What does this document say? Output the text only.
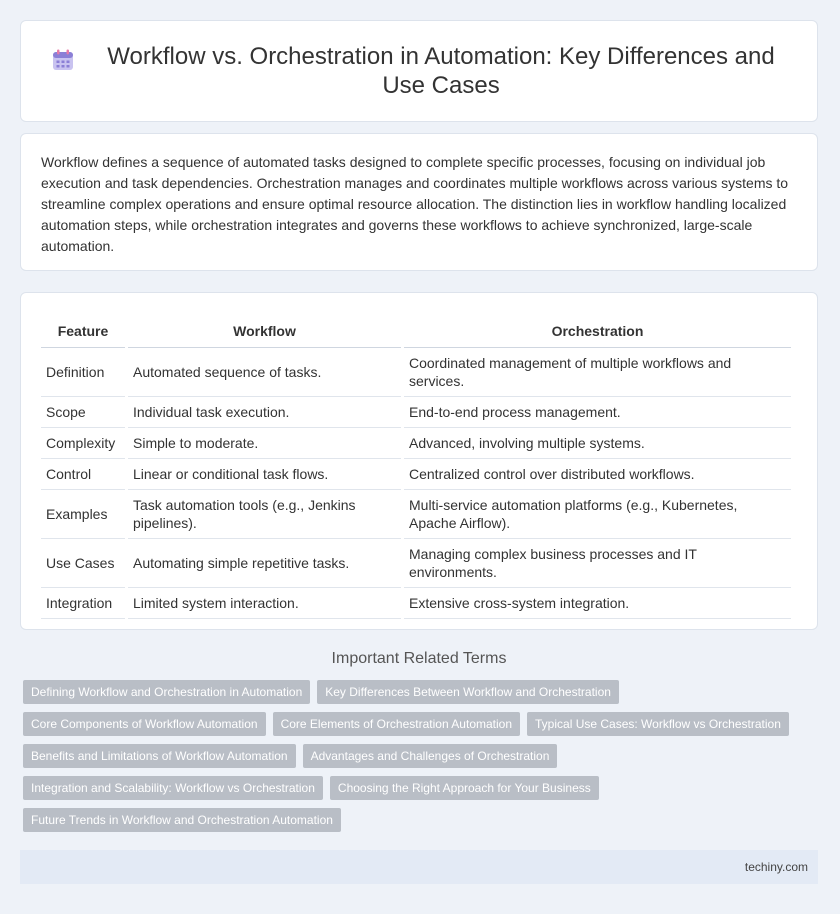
Workflow vs. Orchestration in Automation: Key Differences and Use Cases

Workflow defines a sequence of automated tasks designed to complete specific processes, focusing on individual job execution and task dependencies. Orchestration manages and coordinates multiple workflows across various systems to streamline complex operations and ensure optimal resource allocation. The distinction lies in workflow handling localized automation steps, while orchestration integrates and governs these workflows to achieve synchronized, large-scale automation.

Feature	Workflow	Orchestration
Definition	Automated sequence of tasks.	Coordinated management of multiple workflows and services.
Scope	Individual task execution.	End-to-end process management.
Complexity	Simple to moderate.	Advanced, involving multiple systems.
Control	Linear or conditional task flows.	Centralized control over distributed workflows.
Examples	Task automation tools (e.g., Jenkins pipelines).	Multi-service automation platforms (e.g., Kubernetes, Apache Airflow).
Use Cases	Automating simple repetitive tasks.	Managing complex business processes and IT environments.
Integration	Limited system interaction.	Extensive cross-system integration.

Important Related Terms

Defining Workflow and Orchestration in Automation	Key Differences Between Workflow and Orchestration
Core Components of Workflow Automation	Core Elements of Orchestration Automation	Typical Use Cases: Workflow vs Orchestration
Benefits and Limitations of Workflow Automation	Advantages and Challenges of Orchestration
Integration and Scalability: Workflow vs Orchestration	Choosing the Right Approach for Your Business
Future Trends in Workflow and Orchestration Automation
techiny.com
